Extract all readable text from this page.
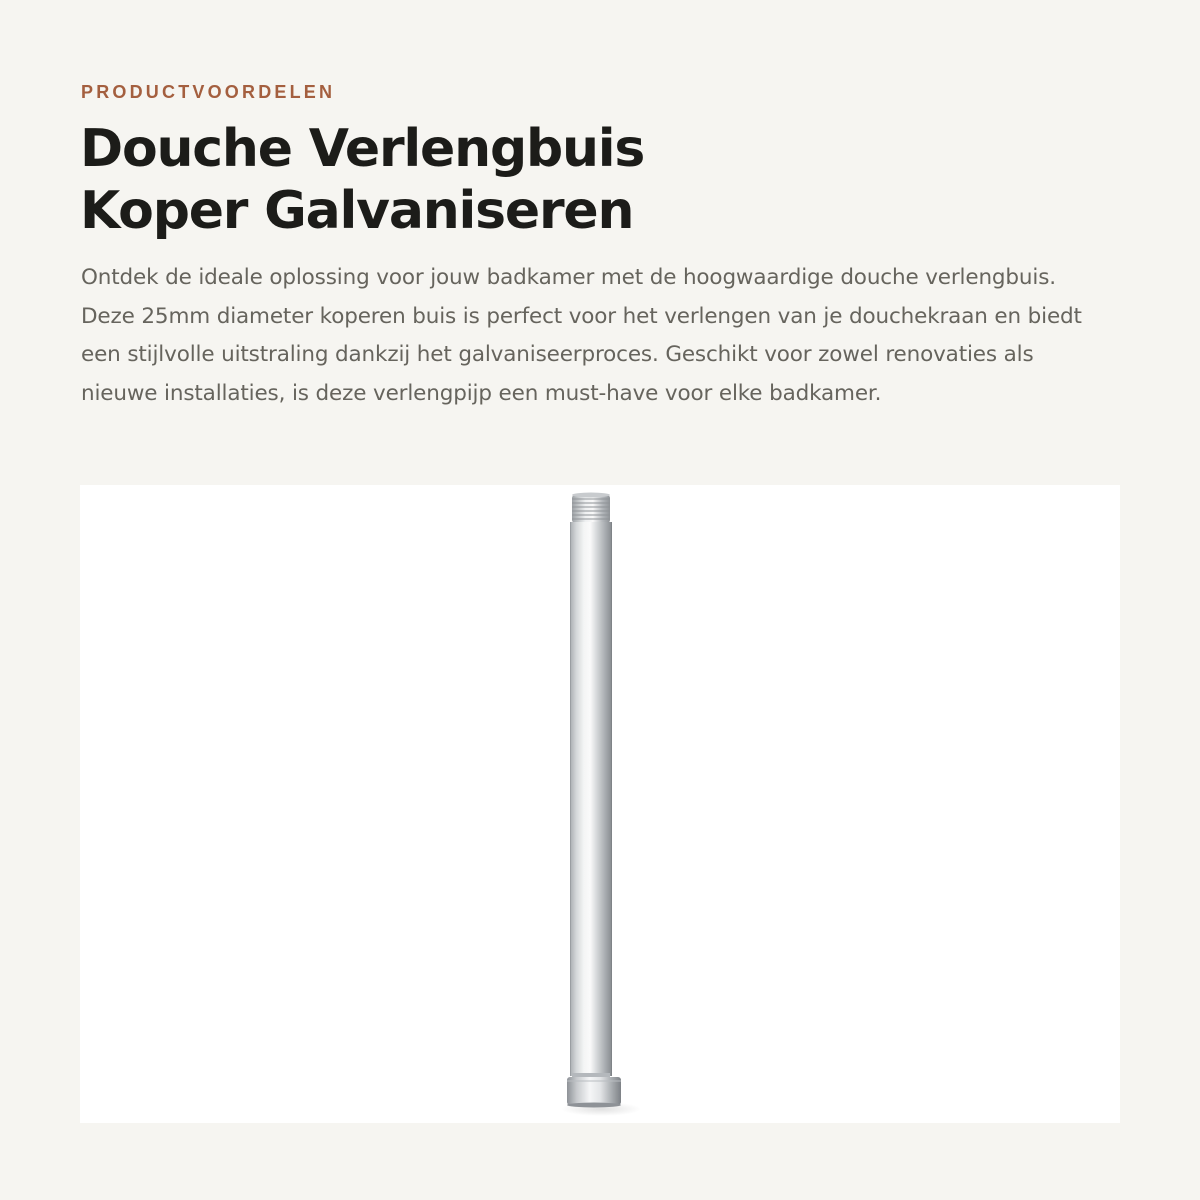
PRODUCTVOORDELEN

Douche Verlengbuis
Koper Galvaniseren

Ontdek de ideale oplossing voor jouw badkamer met de hoogwaardige douche verlengbuis. Deze 25mm diameter koperen buis is perfect voor het verlengen van je douchekraan en biedt een stijlvolle uitstraling dankzij het galvaniseerproces. Geschikt voor zowel renovaties als nieuwe installaties, is deze verlengpijp een must-have voor elke badkamer.
